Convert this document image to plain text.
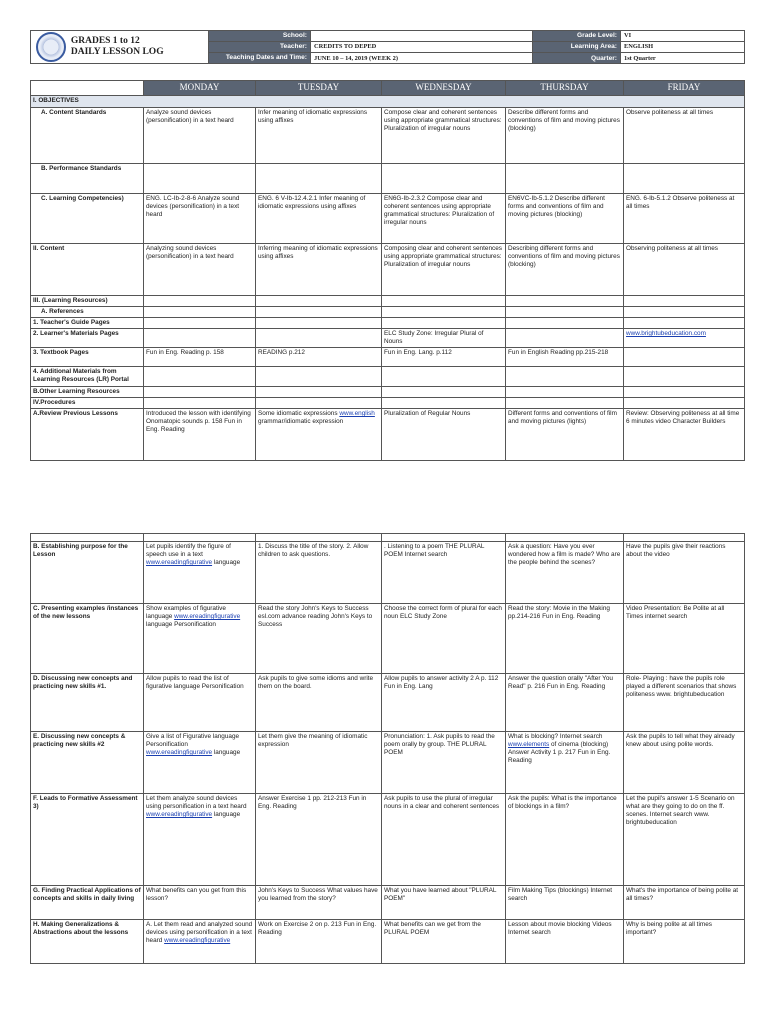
GRADES 1 to 12
DAILY LESSON LOG	School:		Grade Level:	VI
	Teacher:	CREDITS TO DEPED	Learning Area:	ENGLISH
	Teaching Dates and Time:	JUNE 10 – 14, 2019 (WEEK 2)	Quarter:	1st Quarter

	MONDAY	TUESDAY	WEDNESDAY	THURSDAY	FRIDAY
I. OBJECTIVES					
A. Content Standards	Analyze sound devices (personification) in a text heard	Infer meaning of idiomatic expressions using affixes	Compose clear and coherent sentences using appropriate grammatical structures: Pluralization of irregular nouns	Describe different forms and conventions of film and moving pictures (blocking)	Observe politeness at all times
B. Performance Standards					
C. Learning Competencies)	ENG. LC-Ib-2-8-6 Analyze sound devices (personification) in a text heard	ENG. 6 V-Ib-12.4.2.1 Infer meaning of idiomatic expressions using affixes	EN6G-Ib-2.3.2 Compose clear and coherent sentences using appropriate grammatical structures: Pluralization of irregular nouns	EN6VC-Ib-5.1.2 Describe different forms and conventions of film and moving pictures (blocking)	ENG. 6-Ib-5.1.2 Observe politeness at all times
II. Content	Analyzing sound devices (personification) in a text heard	Inferring meaning of idiomatic expressions using affixes	Composing clear and coherent sentences using appropriate grammatical structures: Pluralization of irregular nouns	Describing different forms and conventions of film and moving pictures (blocking)	Observing politeness at all times
III. (Learning Resources)					
A. References					
1. Teacher's Guide Pages					
2. Learner's Materials Pages			ELC Study Zone: Irregular Plural of Nouns		www.brightubeducation.com
3. Textbook Pages	Fun in Eng. Reading p. 158	READING p.212	Fun in Eng. Lang. p.112	Fun in English Reading pp.215-218	
4. Additional Materials from Learning Resources (LR) Portal					
B.Other Learning Resources					
IV.Procedures					
A.Review Previous Lessons	Introduced the lesson with identifying Onomatopic sounds p. 158 Fun in Eng. Reading	Some idiomatic expressions www.english grammar/idiomatic expression	Pluralization of Regular Nouns	Different forms and conventions of film and moving pictures (lights)	Review: Observing politeness at all time 6 minutes video Character Builders

B. Establishing purpose for the Lesson	Let pupils identify the figure of speech use in a text www.ereadingfigurative language	1. Discuss the title of the story. 2. Allow children to ask questions.	. Listening to a poem THE PLURAL POEM Internet search	Ask a question: Have you ever wondered how a film is made? Who are the people behind the scenes?	Have the pupils give their reactions about the video
C. Presenting examples /instances of the new lessons	Show examples of figurative language www.ereadingfigurative language Personification	Read the story John's Keys to Success esl.com advance reading John's Keys to Success	Choose the correct form of plural for each noun ELC Study Zone	Read the story: Movie in the Making pp.214-216 Fun in Eng. Reading	Video Presentation: Be Polite at all Times internet search
D. Discussing new concepts and practicing new skills #1.	Allow pupils to read the list of figurative language Personification	Ask pupils to give some idioms and write them on the board.	Allow pupils to answer activity 2 A p. 112 Fun in Eng. Lang	Answer the question orally "After You Read" p. 216 Fun in Eng. Reading	Role- Playing : have the pupils role played a different scenarios that shows politeness www. brightubeducation
E. Discussing new concepts & practicing new skills #2	Give a list of Figurative language Personification www.ereadingfigurative language	Let them give the meaning of idiomatic expression	Pronunciation: 1. Ask pupils to read the poem orally by group. THE PLURAL POEM	What is blocking? Internet search www.elements of cinema (blocking) Answer Activity 1 p. 217 Fun in Eng. Reading	Ask the pupils to tell what they already knew about using polite words.
F. Leads to Formative Assessment 3)	Let them analyze sound devices using personification in a text heard www.ereadingfigurative language	Answer Exercise 1 pp. 212-213 Fun in Eng. Reading	Ask pupils to use the plural of irregular nouns in a clear and coherent sentences	Ask the pupils: What is the importance of blockings in a film?	Let the pupil's answer 1-5 Scenario on what are they going to do on the ff. scenes. Internet search www. brightubeducation
G. Finding Practical Applications of concepts and skills in daily living	What benefits can you get from this lesson?	John's Keys to Success What values have you learned from the story?	What you have learned about "PLURAL POEM"	Film Making Tips (blockings) Internet search	What's the importance of being polite at all times?
H. Making Generalizations & Abstractions about the lessons	A. Let them read and analyzed sound devices using personification in a text heard www.ereadingfigurative	Work on Exercise 2 on p. 213 Fun in Eng. Reading	What benefits can we get from the PLURAL POEM	Lesson about movie blocking Videos Internet search	Why is being polite at all times important?
